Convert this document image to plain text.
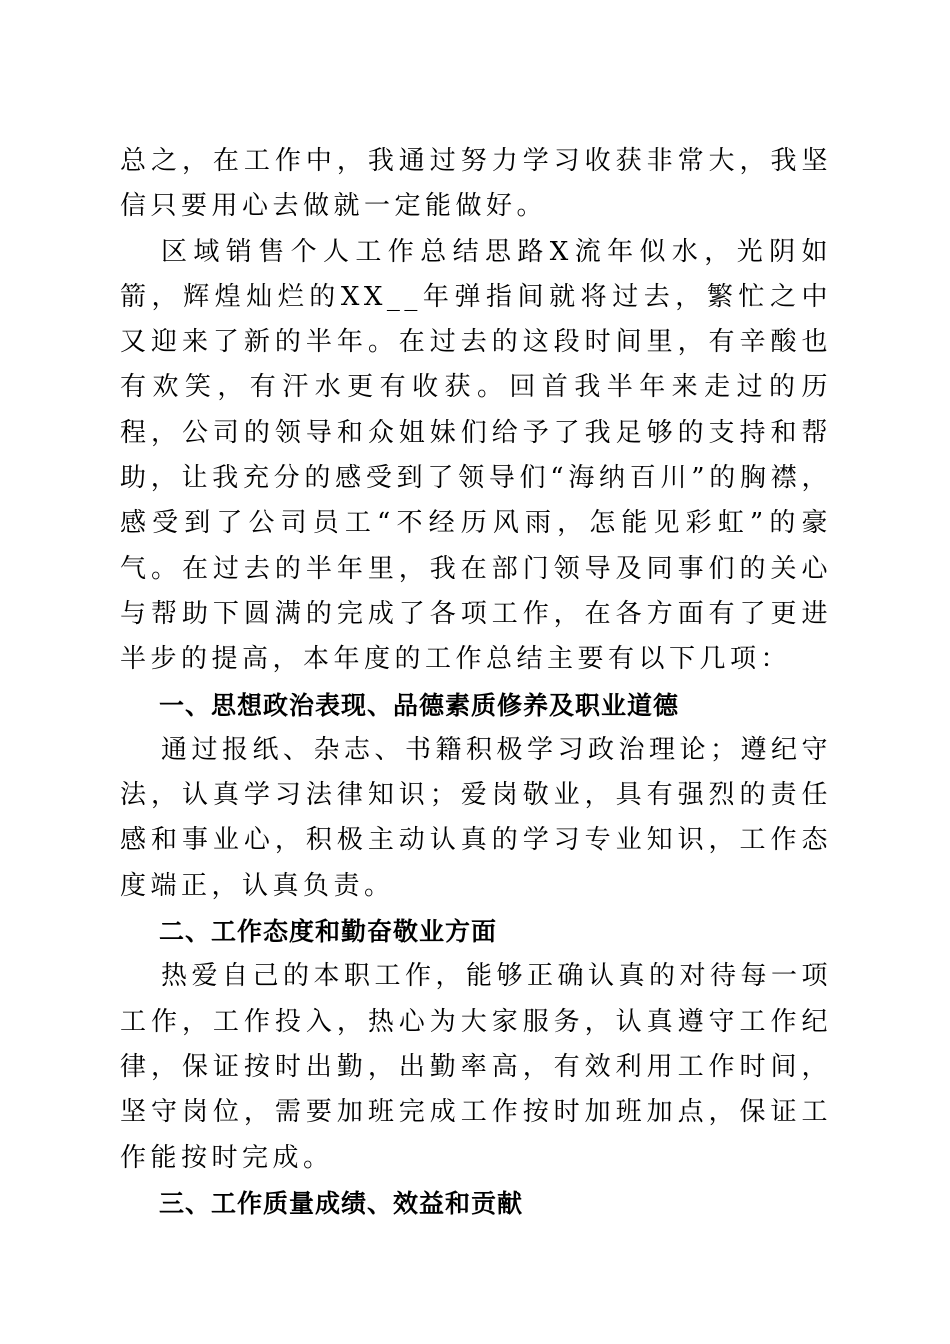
总之，在工作中，我通过努力学习收获非常大，我坚信只要用心去做就一定能做好。

区域销售个人工作总结思路X流年似水，光阴如箭，辉煌灿烂的XX__年弹指间就将过去，繁忙之中又迎来了新的半年。在过去的这段时间里，有辛酸也有欢笑，有汗水更有收获。回首我半年来走过的历程，公司的领导和众姐妹们给予了我足够的支持和帮助，让我充分的感受到了领导们“海纳百川”的胸襟，感受到了公司员工“不经历风雨，怎能见彩虹”的豪气。在过去的半年里，我在部门领导及同事们的关心与帮助下圆满的完成了各项工作，在各方面有了更进半步的提高，本年度的工作总结主要有以下几项：

一、思想政治表现、品德素质修养及职业道德

通过报纸、杂志、书籍积极学习政治理论；遵纪守法，认真学习法律知识；爱岗敬业，具有强烈的责任感和事业心，积极主动认真的学习专业知识，工作态度端正，认真负责。

二、工作态度和勤奋敬业方面

热爱自己的本职工作，能够正确认真的对待每一项工作，工作投入，热心为大家服务，认真遵守工作纪律，保证按时出勤，出勤率高，有效利用工作时间，坚守岗位，需要加班完成工作按时加班加点，保证工作能按时完成。

三、工作质量成绩、效益和贡献
